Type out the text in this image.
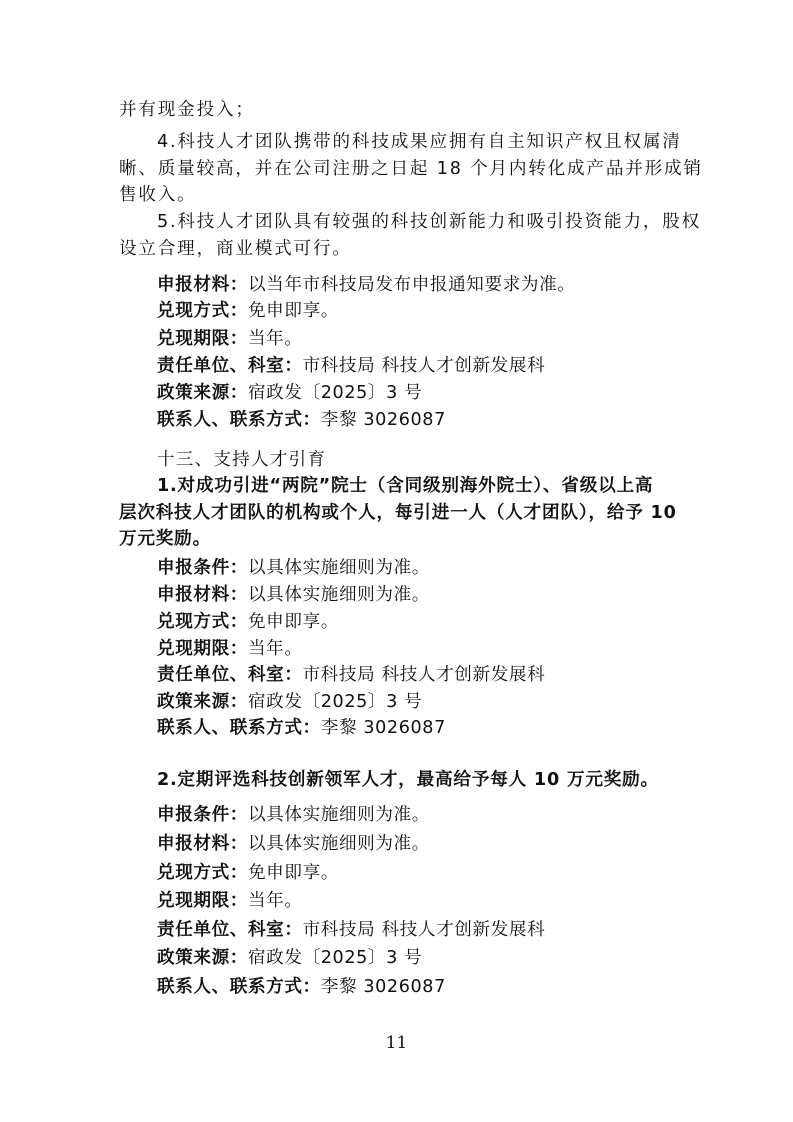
并有现金投入；
4.科技人才团队携带的科技成果应拥有自主知识产权且权属清
晰、质量较高，并在公司注册之日起 18 个月内转化成产品并形成销
售收入。
5.科技人才团队具有较强的科技创新能力和吸引投资能力，股权
设立合理，商业模式可行。
申报材料：以当年市科技局发布申报通知要求为准。
兑现方式：免申即享。
兑现期限：当年。
责任单位、科室：市科技局 科技人才创新发展科
政策来源：宿政发〔2025〕3 号
联系人、联系方式：李黎 3026087
十三、支持人才引育
1.对成功引进“两院”院士（含同级别海外院士）、省级以上高
层次科技人才团队的机构或个人，每引进一人（人才团队），给予 10
万元奖励。
申报条件：以具体实施细则为准。
申报材料：以具体实施细则为准。
兑现方式：免申即享。
兑现期限：当年。
责任单位、科室：市科技局 科技人才创新发展科
政策来源：宿政发〔2025〕3 号
联系人、联系方式：李黎 3026087
2.定期评选科技创新领军人才，最高给予每人 10 万元奖励。
申报条件：以具体实施细则为准。
申报材料：以具体实施细则为准。
兑现方式：免申即享。
兑现期限：当年。
责任单位、科室：市科技局 科技人才创新发展科
政策来源：宿政发〔2025〕3 号
11
联系人、联系方式：李黎 3026087
